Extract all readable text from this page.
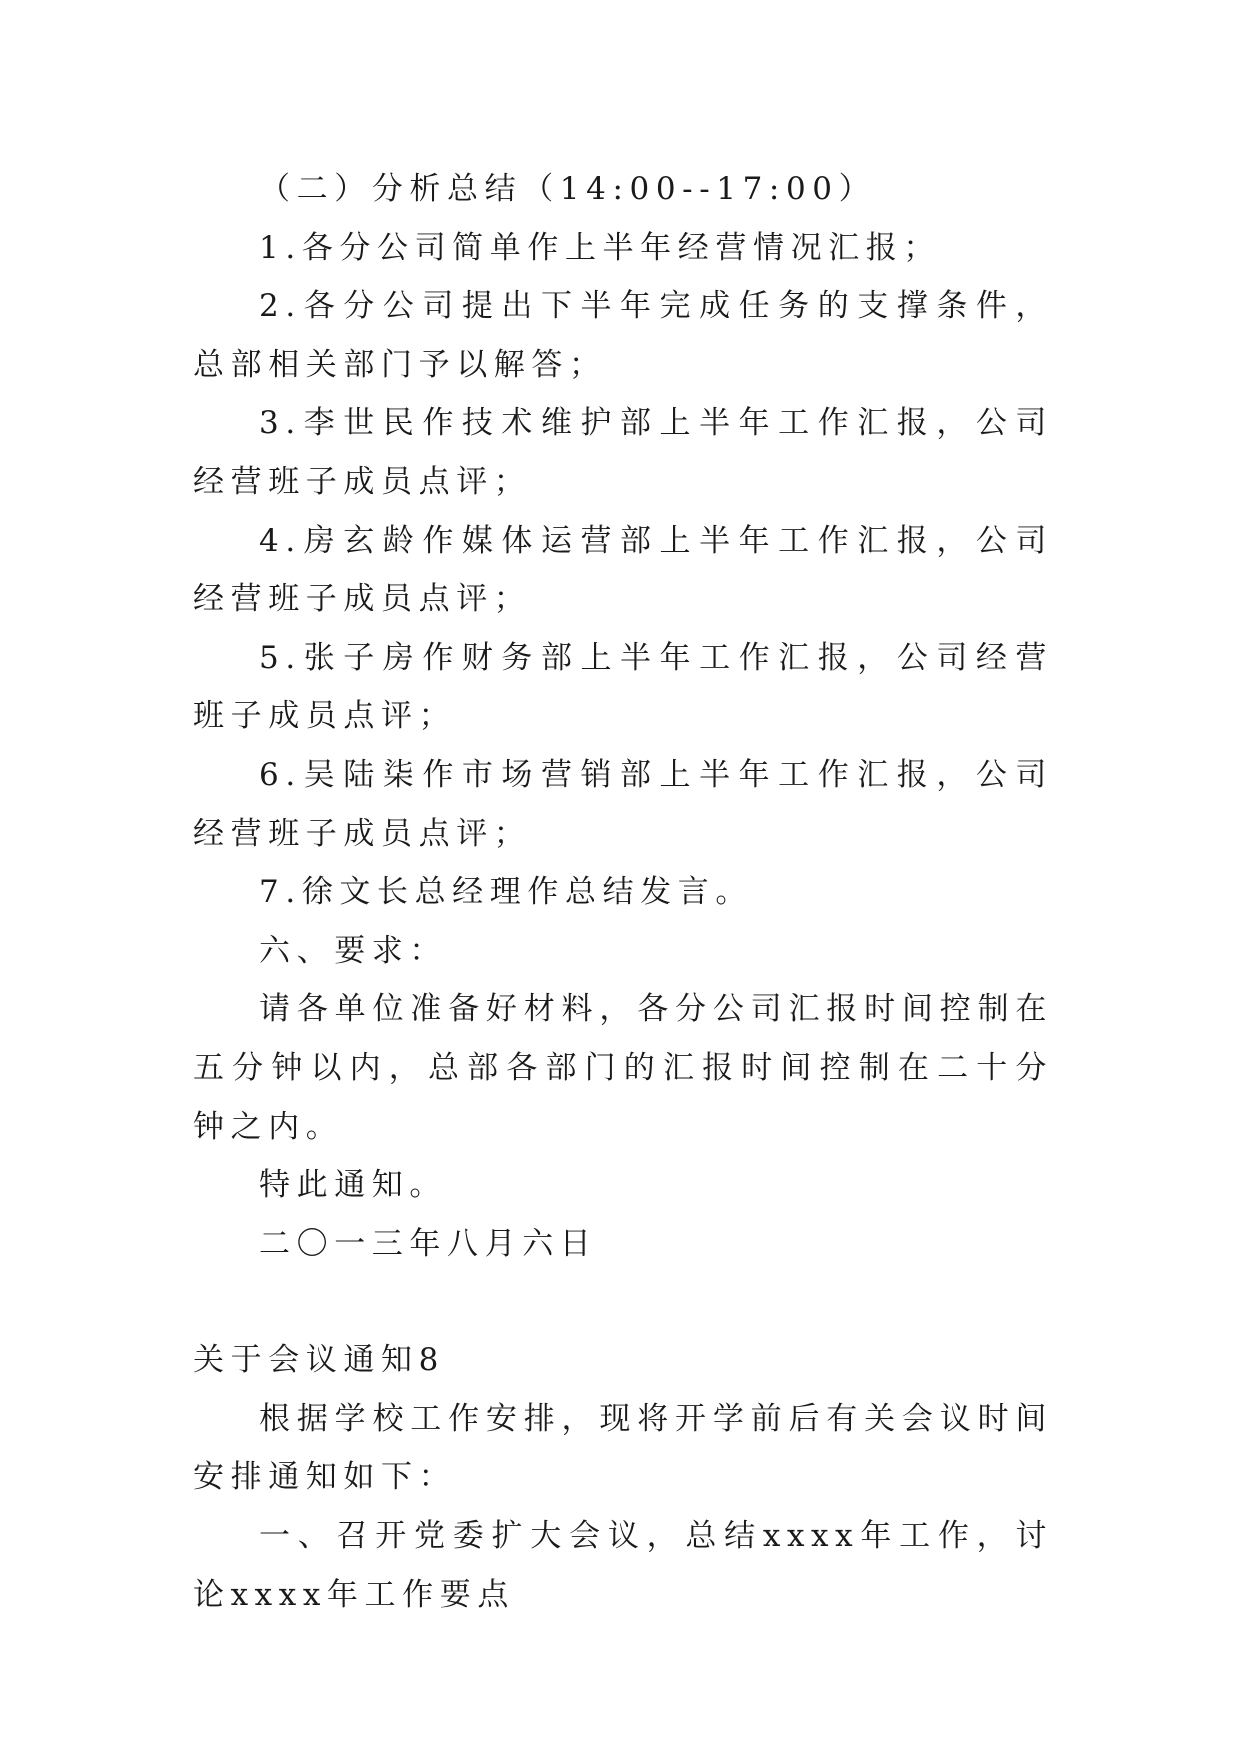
（二）分析总结（14:00--17:00）

1.各分公司简单作上半年经营情况汇报；

2.各分公司提出下半年完成任务的支撑条件，总部相关部门予以解答；

3.李世民作技术维护部上半年工作汇报，公司经营班子成员点评；

4.房玄龄作媒体运营部上半年工作汇报，公司经营班子成员点评；

5.张子房作财务部上半年工作汇报，公司经营班子成员点评；

6.吴陆柒作市场营销部上半年工作汇报，公司经营班子成员点评；

7.徐文长总经理作总结发言。

六、要求：

请各单位准备好材料，各分公司汇报时间控制在五分钟以内，总部各部门的汇报时间控制在二十分钟之内。

特此通知。

二〇一三年八月六日

关于会议通知8

根据学校工作安排，现将开学前后有关会议时间安排通知如下：

一、召开党委扩大会议，总结xxxx年工作，讨论xxxx年工作要点
